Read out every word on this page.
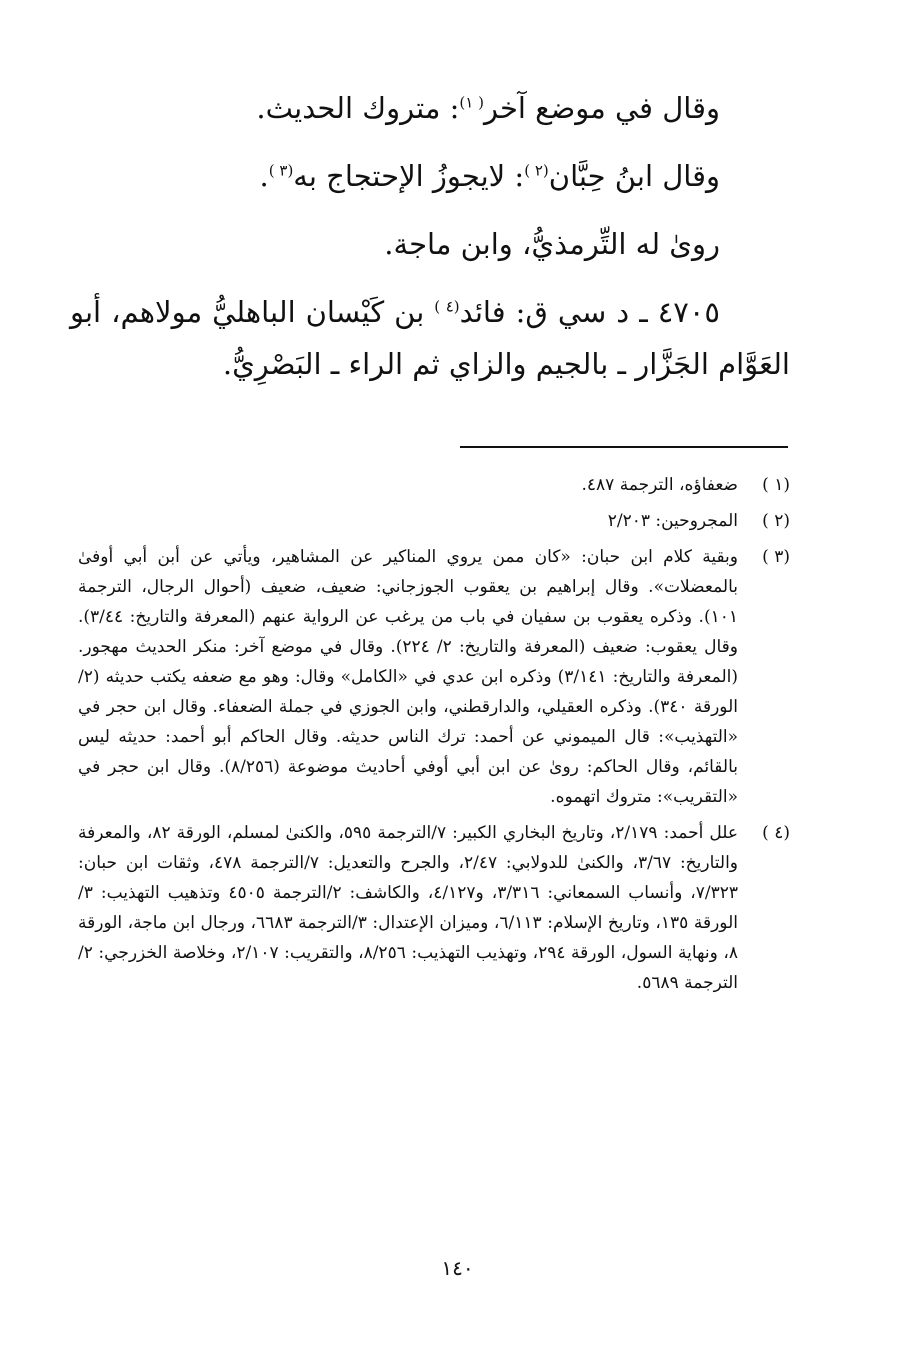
وقال في موضع آخر$^{( ١)}$: متروك الحديث.

وقال ابنُ حِبَّان$^{(٢ )}$: لايجوزُ الإحتجاج به$^{(٣ )}$.

رویٰ له التِّرمذيُّ، وابن ماجة.

٤٧٠٥ ـ د سي ق: فائد$^{(٤ )}$ بن كَيْسان الباهليُّ مولاهم، أبو
العَوَّام الجَزَّار ـ بالجيم والزاي ثم الراء ـ البَصْرِيُّ.
(١ )
ضعفاؤه، الترجمة ٤٨٧.
(٢ )
المجروحين: ٢/٢٠٣
(٣ )
وبقية كلام ابن حبان: «كان ممن يروي المناكير عن المشاهير، ويأتي عن أبن أبي أوفىٰ بالمعضلات». وقال إبراهيم بن يعقوب الجوزجاني: ضعيف، ضعيف (أحوال الرجال، الترجمة ١٠١). وذكره يعقوب بن سفيان في باب من يرغب عن الرواية عنهم (المعرفة والتاريخ: ٣/٤٤). وقال يعقوب: ضعيف (المعرفة والتاريخ: ٢/ ٢٢٤). وقال في موضع آخر: منكر الحديث مهجور. (المعرفة والتاريخ: ٣/١٤١) وذكره ابن عدي في «الكامل» وقال: وهو مع ضعفه يكتب حديثه (٢/الورقة ٣٤٠). وذكره العقيلي، والدارقطني، وابن الجوزي في جملة الضعفاء. وقال ابن حجر في «التهذيب»: قال الميموني عن أحمد: ترك الناس حديثه. وقال الحاكم أبو أحمد: حديثه ليس بالقائم، وقال الحاكم: روىٰ عن ابن أبي أوفي أحاديث موضوعة (٨/٢٥٦). وقال ابن حجر في «التقريب»: متروك اتهموه.
(٤ )
علل أحمد: ٢/١٧٩، وتاريخ البخاري الكبير: ٧/الترجمة ٥٩٥، والكنىٰ لمسلم، الورقة ٨٢، والمعرفة والتاريخ: ٣/٦٧، والكنىٰ للدولابي: ٢/٤٧، والجرح والتعديل: ٧/الترجمة ٤٧٨، وثقات ابن حبان: ٧/٣٢٣، وأنساب السمعاني: ٣/٣١٦، و٤/١٢٧، والكاشف: ٢/الترجمة ٤٥٠٥ وتذهيب التهذيب: ٣/الورقة ١٣٥، وتاريخ الإسلام: ٦/١١٣، وميزان الإعتدال: ٣/الترجمة ٦٦٨٣، ورجال ابن ماجة، الورقة ٨، ونهاية السول، الورقة ٢٩٤، وتهذيب التهذيب: ٨/٢٥٦، والتقريب: ٢/١٠٧، وخلاصة الخزرجي: ٢/الترجمة ٥٦٨٩.
١٤٠
